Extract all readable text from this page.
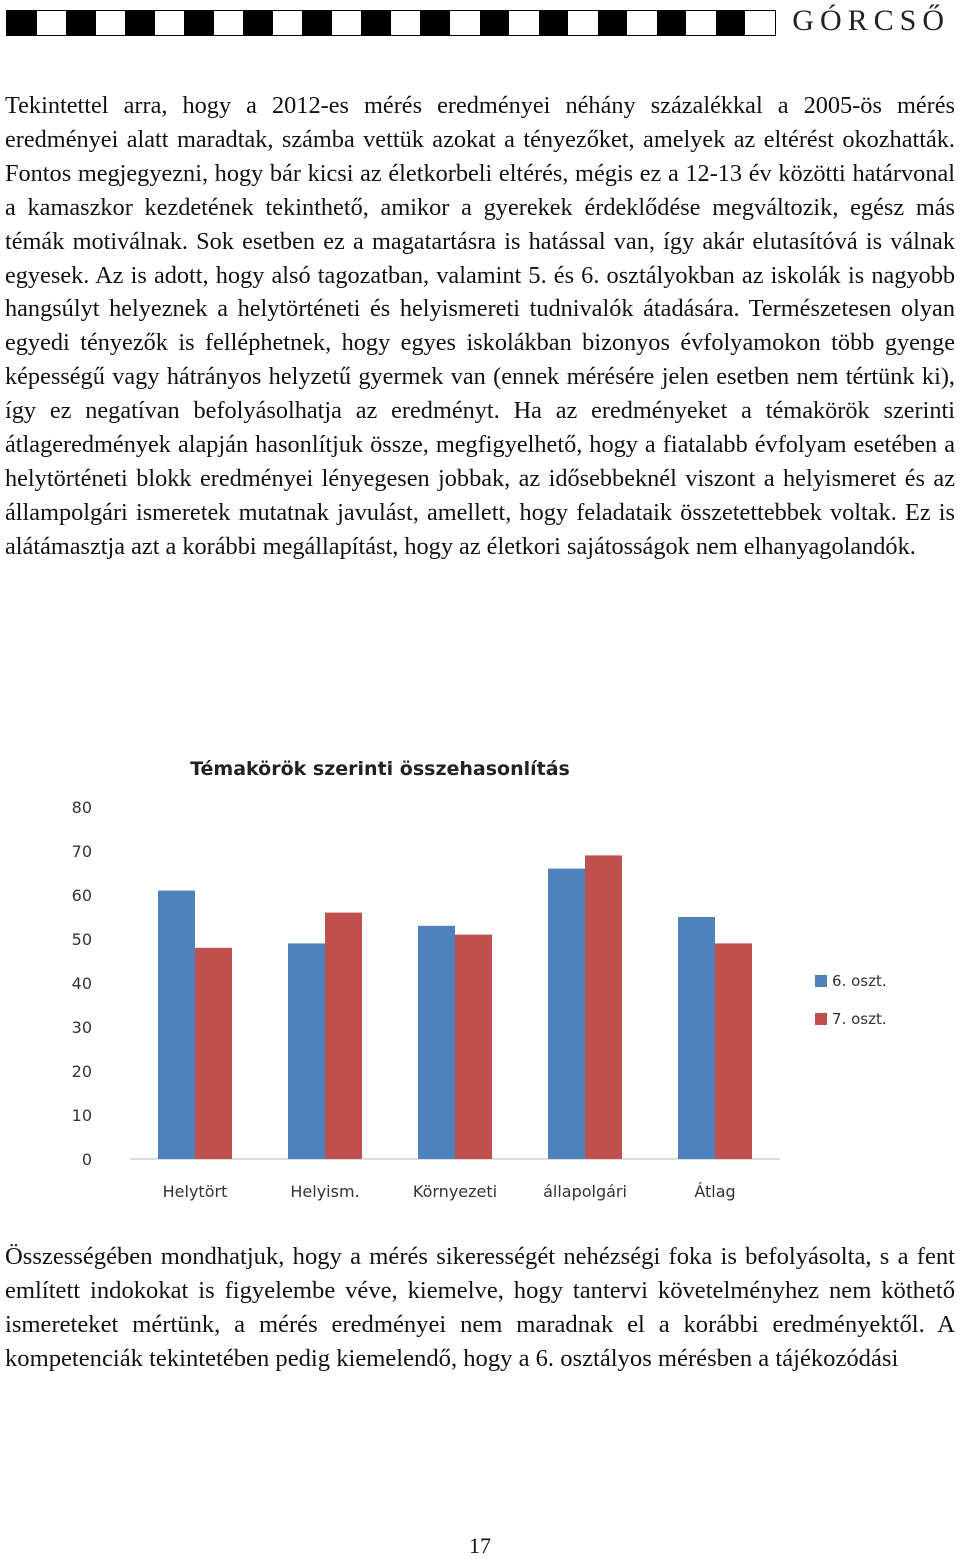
GÓRCSŐ

Tekintettel arra, hogy a 2012-es mérés eredményei néhány százalékkal a 2005-ös mérés eredményei alatt maradtak, számba vettük azokat a tényezőket, amelyek az eltérést okozhatták. Fontos megjegyezni, hogy bár kicsi az életkorbeli eltérés, mégis ez a 12-13 év közötti határvonal a kamaszkor kezdetének tekinthető, amikor a gyerekek érdeklődése megváltozik, egész más témák motiválnak. Sok esetben ez a magatartásra is hatással van, így akár elutasítóvá is válnak egyesek. Az is adott, hogy alsó tagozatban, valamint 5. és 6. osztályokban az iskolák is nagyobb hangsúlyt helyeznek a helytörténeti és helyismereti tudnivalók átadására. Természetesen olyan egyedi tényezők is felléphetnek, hogy egyes iskolákban bizonyos évfolyamokon több gyenge képességű vagy hátrányos helyzetű gyermek van (ennek mérésére jelen esetben nem tértünk ki), így ez negatívan befolyásolhatja az eredményt. Ha az eredményeket a témakörök szerinti átlageredmények alapján hasonlítjuk össze, megfigyelhető, hogy a fiatalabb évfolyam esetében a helytörténeti blokk eredményei lényegesen jobbak, az idősebbeknél viszont a helyismeret és az állampolgári ismeretek mutatnak javulást, amellett, hogy feladataik összetettebbek voltak. Ez is alátámasztja azt a korábbi megállapítást, hogy az életkori sajátosságok nem elhanyagolandók.

Témakörök szerinti összehasonlítás
0
10
20
30
40
50
60
70
80
Helytört	Helyism.	Környezeti	állapolgári	Átlag
6. oszt.
7. oszt.

Összességében mondhatjuk, hogy a mérés sikerességét nehézségi foka is befolyásolta, s a fent említett indokokat is figyelembe véve, kiemelve, hogy tantervi követelményhez nem köthető ismereteket mértünk, a mérés eredményei nem maradnak el a korábbi eredményektől. A kompetenciák tekintetében pedig kiemelendő, hogy a 6. osztályos mérésben a tájékozódási

17
